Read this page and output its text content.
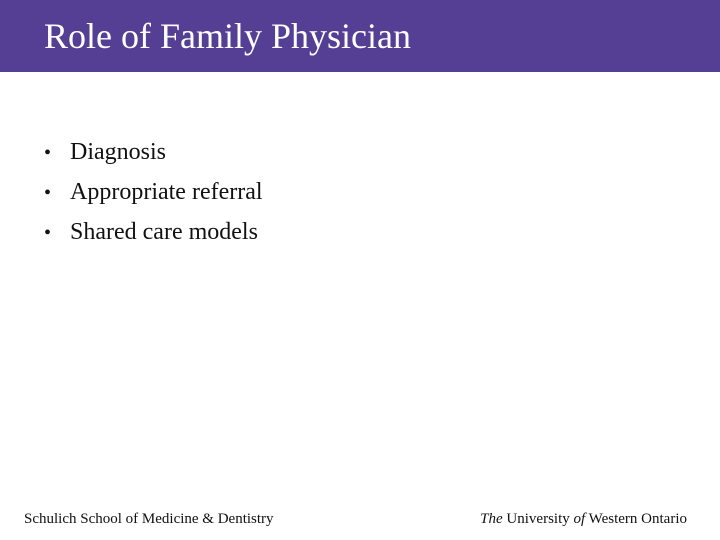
Role of Family Physician
• Diagnosis
• Appropriate referral
• Shared care models
Schulich School of Medicine & Dentistry	The University of Western Ontario
